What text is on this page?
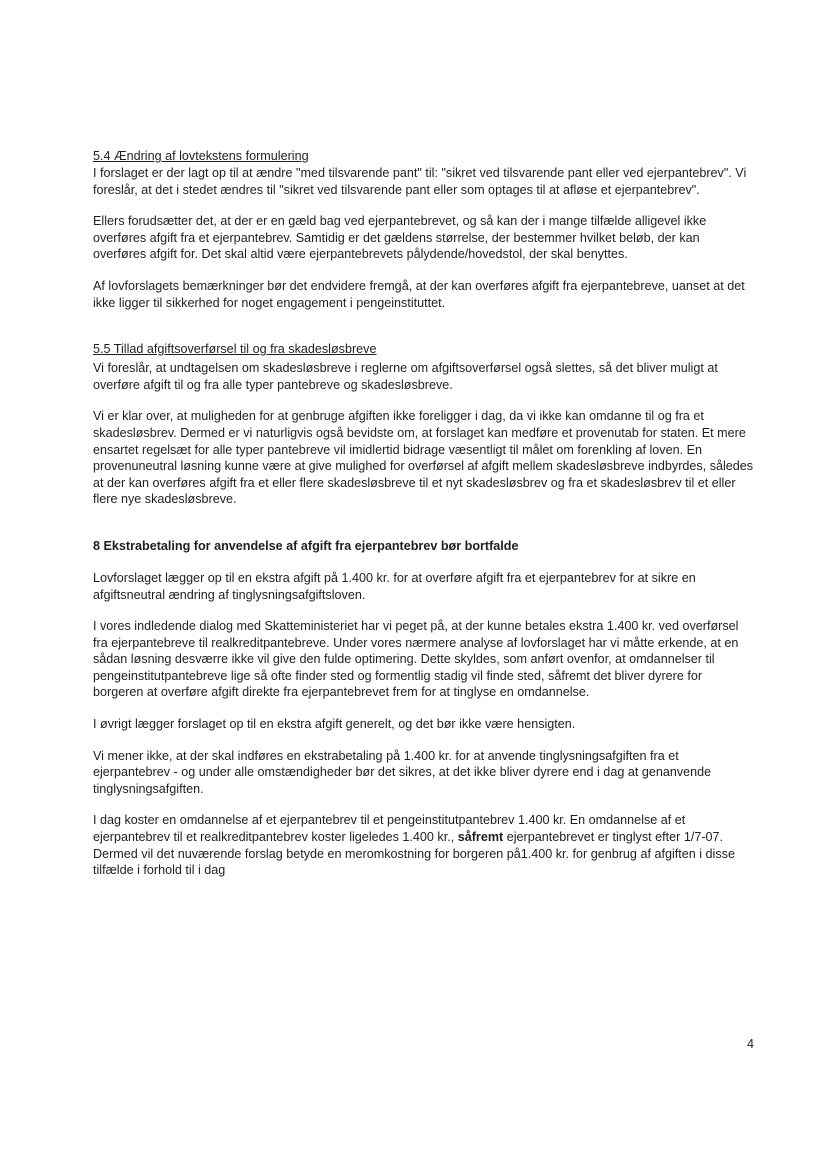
5.4 Ændring af lovtekstens formulering

I forslaget er der lagt op til at ændre "med tilsvarende pant" til: "sikret ved tilsvarende pant eller ved ejerpantebrev". Vi foreslår, at det i stedet ændres til "sikret ved tilsvarende pant eller som optages til at afløse et ejerpantebrev".

Ellers forudsætter det, at der er en gæld bag ved ejerpantebrevet, og så kan der i mange tilfælde alligevel ikke overføres afgift fra et ejerpantebrev. Samtidig er det gældens størrelse, der bestemmer hvilket beløb, der kan overføres afgift for. Det skal altid være ejerpantebrevets pålydende/hovedstol, der skal benyttes.

Af lovforslagets bemærkninger bør det endvidere fremgå, at der kan overføres afgift fra ejerpantebreve, uanset at det ikke ligger til sikkerhed for noget engagement i pengeinstituttet.

5.5 Tillad afgiftsoverførsel til og fra skadesløsbreve

Vi foreslår, at undtagelsen om skadesløsbreve i reglerne om afgiftsoverførsel også slettes, så det bliver muligt at overføre afgift til og fra alle typer pantebreve og skadesløsbreve.

Vi er klar over, at muligheden for at genbruge afgiften ikke foreligger i dag, da vi ikke kan omdanne til og fra et skadesløsbrev. Dermed er vi naturligvis også bevidste om, at forslaget kan medføre et provenutab for staten. Et mere ensartet regelsæt for alle typer pantebreve vil imidlertid bidrage væsentligt til målet om forenkling af loven. En provenuneutral løsning kunne være at give mulighed for overførsel af afgift mellem skadesløsbreve indbyrdes, således at der kan overføres afgift fra et eller flere skadesløsbreve til et nyt skadesløsbrev og fra et skadesløsbrev til et eller flere nye skadesløsbreve.

8 Ekstrabetaling for anvendelse af afgift fra ejerpantebrev bør bortfalde

Lovforslaget lægger op til en ekstra afgift på 1.400 kr. for at overføre afgift fra et ejerpantebrev for at sikre en afgiftsneutral ændring af tinglysningsafgiftsloven.

I vores indledende dialog med Skatteministeriet har vi peget på, at der kunne betales ekstra 1.400 kr. ved overførsel fra ejerpantebreve til realkreditpantebreve. Under vores nærmere analyse af lovforslaget har vi måtte erkende, at en sådan løsning desværre ikke vil give den fulde optimering. Dette skyldes, som anført ovenfor, at omdannelser til pengeinstitutpantebreve lige så ofte finder sted og formentlig stadig vil finde sted, såfremt det bliver dyrere for borgeren at overføre afgift direkte fra ejerpantebrevet frem for at tinglyse en omdannelse.

I øvrigt lægger forslaget op til en ekstra afgift generelt, og det bør ikke være hensigten.

Vi mener ikke, at der skal indføres en ekstrabetaling på 1.400 kr. for at anvende tinglysningsafgiften fra et ejerpantebrev - og under alle omstændigheder bør det sikres, at det ikke bliver dyrere end i dag at genanvende tinglysningsafgiften.

I dag koster en omdannelse af et ejerpantebrev til et pengeinstitutpantebrev 1.400 kr. En omdannelse af et ejerpantebrev til et realkreditpantebrev koster ligeledes 1.400 kr., såfremt ejerpantebrevet er tinglyst efter 1/7-07. Dermed vil det nuværende forslag betyde en meromkostning for borgeren på1.400 kr. for genbrug af afgiften i disse tilfælde i forhold til i dag

4
